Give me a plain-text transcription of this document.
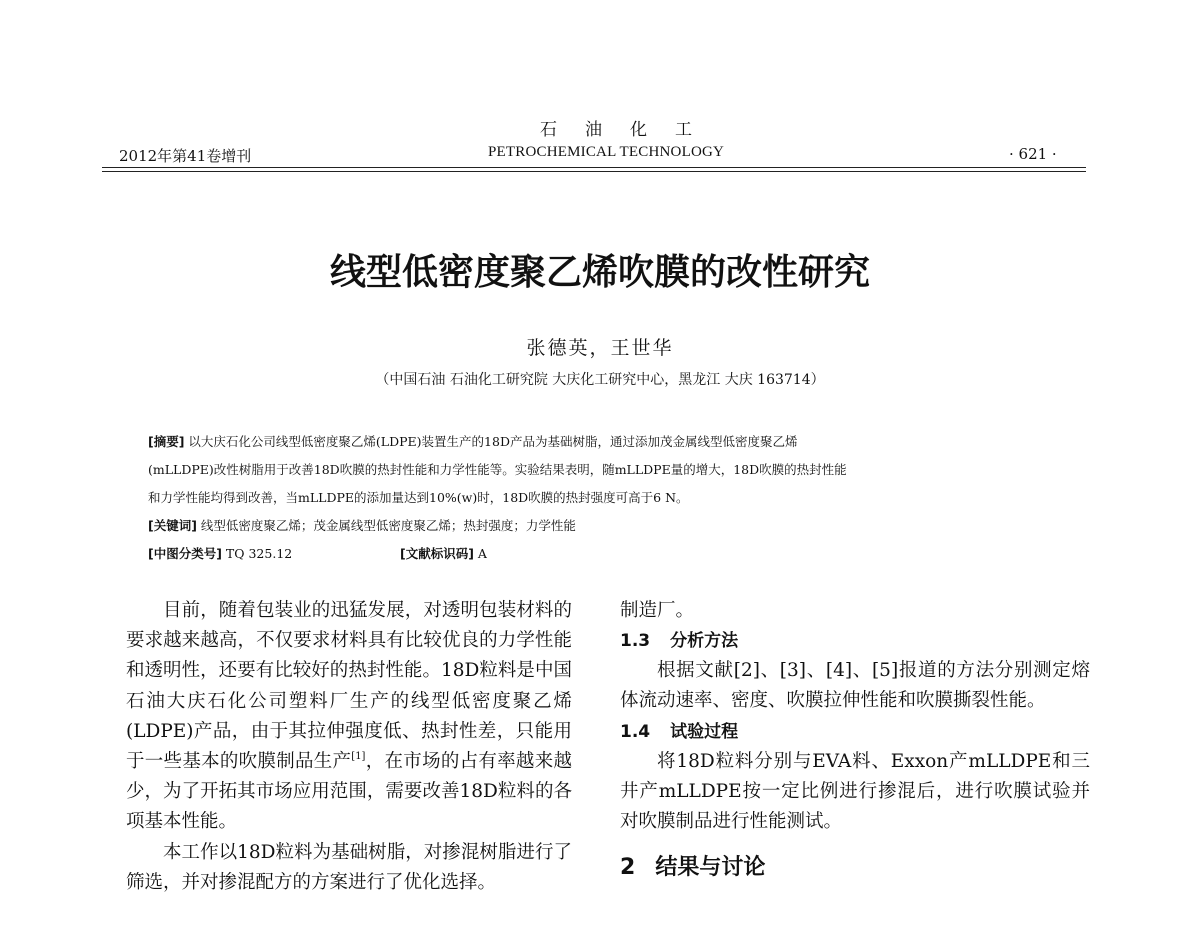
石油化工
2012年第41卷增刊	PETROCHEMICAL TECHNOLOGY	· 621 ·
线型低密度聚乙烯吹膜的改性研究
张德英，王世华
（中国石油 石油化工研究院 大庆化工研究中心，黑龙江 大庆 163714）
[摘要] 以大庆石化公司线型低密度聚乙烯(LDPE)装置生产的18D产品为基础树脂，通过添加茂金属线型低密度聚乙烯
(mLLDPE)改性树脂用于改善18D吹膜的热封性能和力学性能等。实验结果表明，随mLLDPE量的增大，18D吹膜的热封性能
和力学性能均得到改善，当mLLDPE的添加量达到10%(w)时，18D吹膜的热封强度可高于6 N。
[关键词] 线型低密度聚乙烯；茂金属线型低密度聚乙烯；热封强度；力学性能
[中图分类号] TQ 325.12	[文献标识码] A

目前，随着包装业的迅猛发展，对透明包装材料的要求越来越高，不仅要求材料具有比较优良的力学性能和透明性，还要有比较好的热封性能。18D粒料是中国石油大庆石化公司塑料厂生产的线型低密度聚乙烯(LDPE)产品，由于其拉伸强度低、热封性差，只能用于一些基本的吹膜制品生产[1]，在市场的占有率越来越少，为了开拓其市场应用范围，需要改善18D粒料的各项基本性能。

本工作以18D粒料为基础树脂，对掺混树脂进行了筛选，并对掺混配方的方案进行了优化选择。

制造厂。

1.3 分析方法

根据文献[2]、[3]、[4]、[5]报道的方法分别测定熔体流动速率、密度、吹膜拉伸性能和吹膜撕裂性能。

1.4 试验过程

将18D粒料分别与EVA料、Exxon产mLLDPE和三井产mLLDPE按一定比例进行掺混后，进行吹膜试验并对吹膜制品进行性能测试。

2 结果与讨论
